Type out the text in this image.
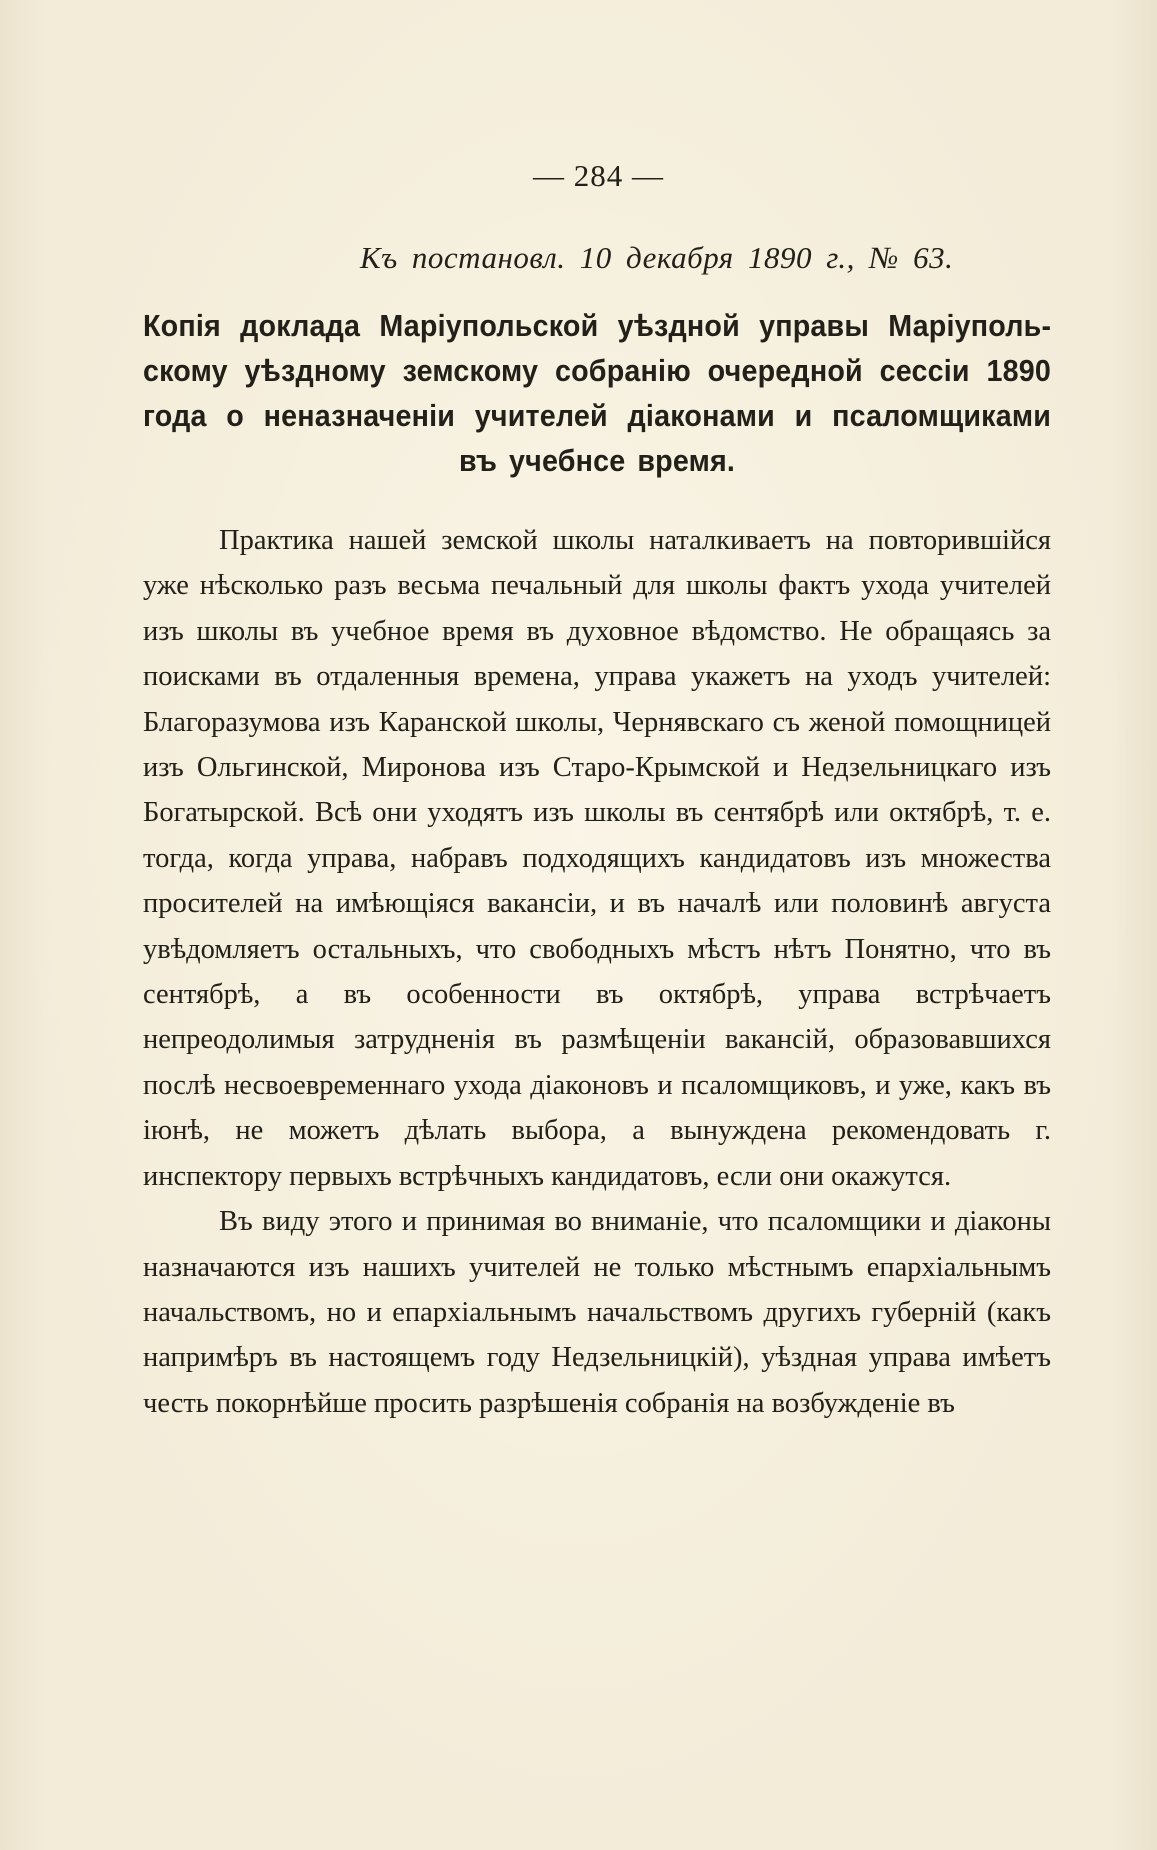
— 284 —
Къ постановл. 10 декабря 1890 г., № 63.
Копія доклада Маріупольской уѣздной управы Маріупольскому уѣздному земскому собранію очередной сессіи 1890 года о неназначеніи учителей діаконами и псаломщиками въ учебнсе время.

Практика нашей земской школы наталкиваетъ на повторившійся уже нѣсколько разъ весьма печальный для школы фактъ ухода учителей изъ школы въ учебное время въ духовное вѣдомство. Не обращаясь за поисками въ отдаленныя времена, управа укажетъ на уходъ учителей: Благоразумова изъ Каранской школы, Чернявскаго съ женой помощницей изъ Ольгинской, Миронова изъ Старо-Крымской и Недзельницкаго изъ Богатырской. Всѣ они уходятъ изъ школы въ сентябрѣ или октябрѣ, т. е. тогда, когда управа, набравъ подходящихъ кандидатовъ изъ множества просителей на имѣющіяся вакансіи, и въ началѣ или половинѣ августа увѣдомляетъ остальныхъ, что свободныхъ мѣстъ нѣтъ Понятно, что въ сентябрѣ, а въ особенности въ октябрѣ, управа встрѣчаетъ непреодолимыя затрудненія въ размѣщеніи вакансій, образовавшихся послѣ несвоевременнаго ухода діаконовъ и псаломщиковъ, и уже, какъ въ іюнѣ, не можетъ дѣлать выбора, а вынуждена рекомендовать г. инспектору первыхъ встрѣчныхъ кандидатовъ, если они окажутся.

Въ виду этого и принимая во вниманіе, что псаломщики и діаконы назначаются изъ нашихъ учителей не только мѣстнымъ епархіальнымъ начальствомъ, но и епархіальнымъ начальствомъ другихъ губерній (какъ напримѣръ въ настоящемъ году Недзельницкій), уѣздная управа имѣетъ честь покорнѣйше просить разрѣшенія собранія на возбужденіе въ
